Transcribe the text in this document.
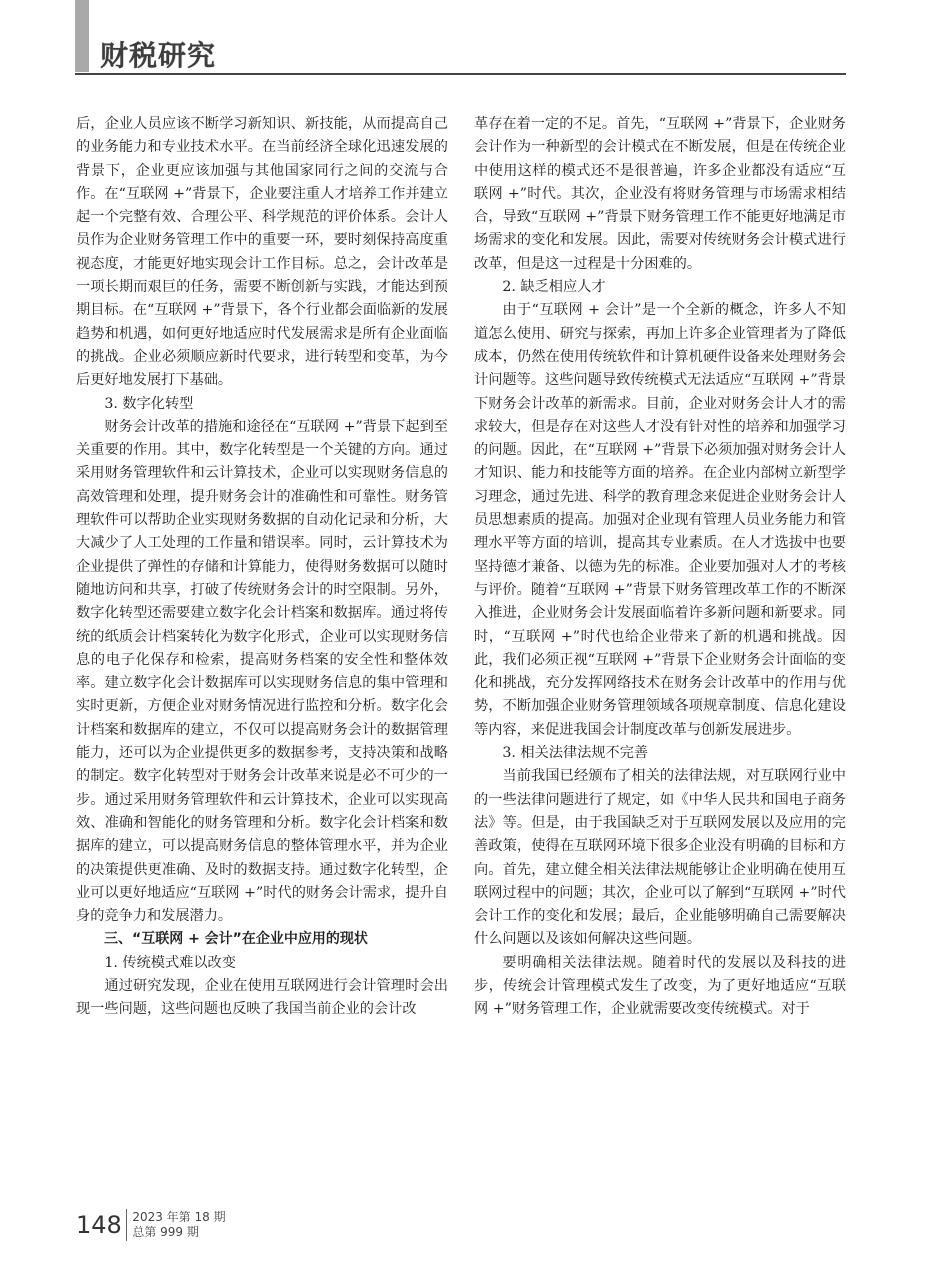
财税研究

后，企业人员应该不断学习新知识、新技能，从而提高自己的业务能力和专业技术水平。在当前经济全球化迅速发展的背景下，企业更应该加强与其他国家同行之间的交流与合作。在“互联网 +”背景下，企业要注重人才培养工作并建立起一个完整有效、合理公平、科学规范的评价体系。会计人员作为企业财务管理工作中的重要一环，要时刻保持高度重视态度，才能更好地实现会计工作目标。总之，会计改革是一项长期而艰巨的任务，需要不断创新与实践，才能达到预期目标。在“互联网 +”背景下，各个行业都会面临新的发展趋势和机遇，如何更好地适应时代发展需求是所有企业面临的挑战。企业必须顺应新时代要求，进行转型和变革，为今后更好地发展打下基础。

3. 数字化转型

财务会计改革的措施和途径在“互联网 +”背景下起到至关重要的作用。其中，数字化转型是一个关键的方向。通过采用财务管理软件和云计算技术，企业可以实现财务信息的高效管理和处理，提升财务会计的准确性和可靠性。财务管理软件可以帮助企业实现财务数据的自动化记录和分析，大大减少了人工处理的工作量和错误率。同时，云计算技术为企业提供了弹性的存储和计算能力，使得财务数据可以随时随地访问和共享，打破了传统财务会计的时空限制。另外，数字化转型还需要建立数字化会计档案和数据库。通过将传统的纸质会计档案转化为数字化形式，企业可以实现财务信息的电子化保存和检索，提高财务档案的安全性和整体效率。建立数字化会计数据库可以实现财务信息的集中管理和实时更新，方便企业对财务情况进行监控和分析。数字化会计档案和数据库的建立，不仅可以提高财务会计的数据管理能力，还可以为企业提供更多的数据参考，支持决策和战略的制定。数字化转型对于财务会计改革来说是必不可少的一步。通过采用财务管理软件和云计算技术，企业可以实现高效、准确和智能化的财务管理和分析。数字化会计档案和数据库的建立，可以提高财务信息的整体管理水平，并为企业的决策提供更准确、及时的数据支持。通过数字化转型，企业可以更好地适应“互联网 +”时代的财务会计需求，提升自身的竞争力和发展潜力。

三、“互联网 + 会计”在企业中应用的现状

1. 传统模式难以改变

通过研究发现，企业在使用互联网进行会计管理时会出现一些问题，这些问题也反映了我国当前企业的会计改

革存在着一定的不足。首先，“互联网 +”背景下，企业财务会计作为一种新型的会计模式在不断发展，但是在传统企业中使用这样的模式还不是很普遍，许多企业都没有适应“互联网 +”时代。其次，企业没有将财务管理与市场需求相结合，导致“互联网 +”背景下财务管理工作不能更好地满足市场需求的变化和发展。因此，需要对传统财务会计模式进行改革，但是这一过程是十分困难的。

2. 缺乏相应人才

由于“互联网 + 会计”是一个全新的概念，许多人不知道怎么使用、研究与探索，再加上许多企业管理者为了降低成本，仍然在使用传统软件和计算机硬件设备来处理财务会计问题等。这些问题导致传统模式无法适应“互联网 +”背景下财务会计改革的新需求。目前，企业对财务会计人才的需求较大，但是存在对这些人才没有针对性的培养和加强学习的问题。因此，在“互联网 +”背景下必须加强对财务会计人才知识、能力和技能等方面的培养。在企业内部树立新型学习理念，通过先进、科学的教育理念来促进企业财务会计人员思想素质的提高。加强对企业现有管理人员业务能力和管理水平等方面的培训，提高其专业素质。在人才选拔中也要坚持德才兼备、以德为先的标准。企业要加强对人才的考核与评价。随着“互联网 +”背景下财务管理改革工作的不断深入推进，企业财务会计发展面临着许多新问题和新要求。同时，“互联网 +”时代也给企业带来了新的机遇和挑战。因此，我们必须正视“互联网 +”背景下企业财务会计面临的变化和挑战，充分发挥网络技术在财务会计改革中的作用与优势，不断加强企业财务管理领域各项规章制度、信息化建设等内容，来促进我国会计制度改革与创新发展进步。

3. 相关法律法规不完善

当前我国已经颁布了相关的法律法规，对互联网行业中的一些法律问题进行了规定，如《中华人民共和国电子商务法》等。但是，由于我国缺乏对于互联网发展以及应用的完善政策，使得在互联网环境下很多企业没有明确的目标和方向。首先，建立健全相关法律法规能够让企业明确在使用互联网过程中的问题；其次，企业可以了解到“互联网 +”时代会计工作的变化和发展；最后，企业能够明确自己需要解决什么问题以及该如何解决这些问题。

要明确相关法律法规。随着时代的发展以及科技的进步，传统会计管理模式发生了改变，为了更好地适应“互联网 +”财务管理工作，企业就需要改变传统模式。对于

148 2023 年第 18 期
总第 999 期
